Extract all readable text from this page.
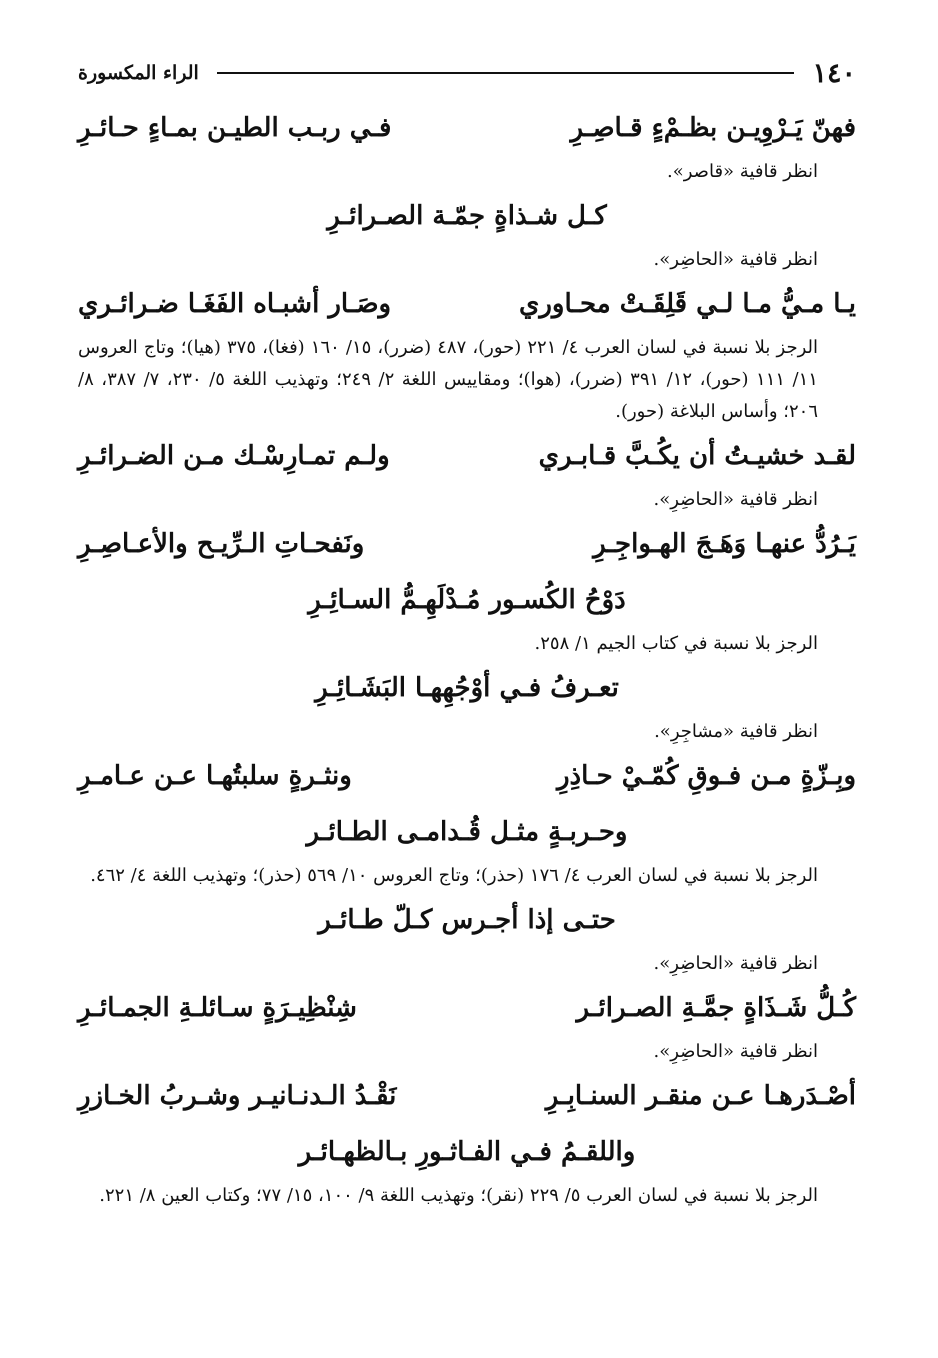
١٤٠
الراء المكسورة
فهنّ يَـرْوِيـن بظـمْءٍ قـاصِـرِ
فـي ربـب الطيـن بمـاءٍ حـائـرِ
انظر قافية «قاصر».
كـل شـذاةٍ جمّـة الصـرائـرِ
انظر قافية «الحاضِر».
يـا مـيُّ مـا لـي قَلِقَـتْ محـاوري
وصَـار أشبـاه الفَغَـا ضـرائـري
الرجز بلا نسبة في لسان العرب ٤/ ٢٢١ (حور)، ٤٨٧ (ضرر)، ١٥/ ١٦٠ (فغا)، ٣٧٥ (هيا)؛ وتاج العروس ١١/ ١١١ (حور)، ١٢/ ٣٩١ (ضرر)، (هوا)؛ ومقاييس اللغة ٢/ ٢٤٩؛ وتهذيب اللغة ٥/ ٢٣٠، ٧/ ٣٨٧، ٨/ ٢٠٦؛ وأساس البلاغة (حور).
لقـد خشيـتُ أن يكُـبَّ قـابـري
ولـم تمـارِسْـك مـن الضـرائـرِ
انظر قافية «الحاضِرِ».
يَـرُدُّ عنهـا وَهَـجَ الهـواجِـرِ
ونَفحـاتِ الـرِّيـح والأعـاصِـرِ
دَوْحُ الكُسـور مُـدْلَهِـمُّ السـائِـرِ
الرجز بلا نسبة في كتاب الجيم ١/ ٢٥٨.
تعـرفُ فـي أوْجُهِهـا البَشَـائِـرِ
انظر قافية «مشاجِرِ».
وبِـزّةٍ مـن فـوقِ كُمّـيْ حـاذِرِ
ونثـرةٍ سلبتُهـا عـن عـامـرِ
وحـربـةٍ مثـل قُـدامـى الطـائـر
الرجز بلا نسبة في لسان العرب ٤/ ١٧٦ (حذر)؛ وتاج العروس ١٠/ ٥٦٩ (حذر)؛ وتهذيب اللغة ٤/ ٤٦٢.
حتـى إذا أجـرس كـلّ طـائـر
انظر قافية «الحاضِرِ».
كُـلُّ شَـذَاةٍ جمَّـةِ الصـرائـر
شِنْظِيـرَةٍ سـائلـةِ الجمـائـرِ
انظر قافية «الحاضِرِ».
أصْـدَرهـا عـن منقـر السنـابِـرِ
نَقْـدُ الـدنـانيـر وشـربُ الخـازرِ
واللقـمُ فـي الفـاثـورِ بـالظهـائـر
الرجز بلا نسبة في لسان العرب ٥/ ٢٢٩ (نقر)؛ وتهذيب اللغة ٩/ ١٠٠، ١٥/ ٧٧؛ وكتاب العين ٨/ ٢٢١.
